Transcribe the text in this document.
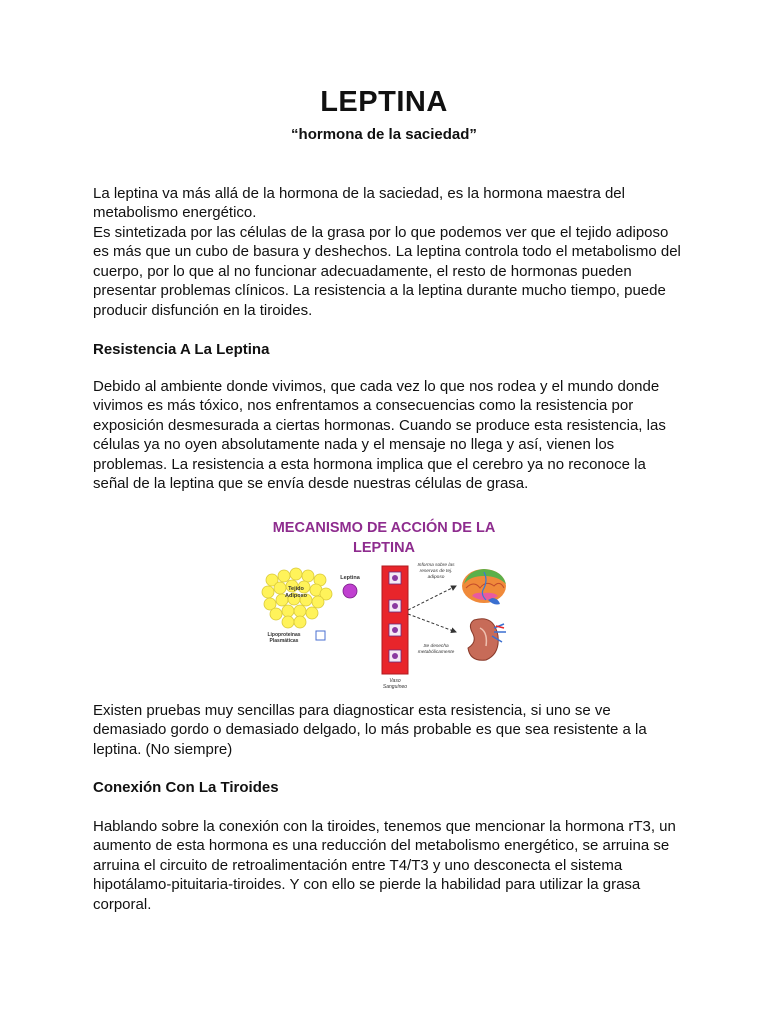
LEPTINA

“hormona de la saciedad”

La leptina va más allá de la hormona de la saciedad, es la hormona maestra del metabolismo energético.

Es sintetizada por las células de la grasa por lo que podemos ver que el tejido adiposo es más que un cubo de basura y deshechos. La leptina controla todo el metabolismo del cuerpo, por lo que al no funcionar adecuadamente, el resto de hormonas pueden presentar problemas clínicos. La resistencia a la leptina durante mucho tiempo, puede producir disfunción en la tiroides.

Resistencia A La Leptina

Debido al ambiente donde vivimos, que cada vez lo que nos rodea y el mundo donde vivimos es más tóxico, nos enfrentamos a consecuencias como la resistencia por exposición desmesurada a ciertas hormonas. Cuando se produce esta resistencia, las células ya no oyen absolutamente nada y el mensaje no llega y así, vienen los problemas. La resistencia a esta hormona implica que el cerebro ya no reconoce la señal de la leptina que se envía desde nuestras células de grasa.

MECANISMO DE ACCIÓN DE LA
LEPTINA
Tejido
Adiposo
Leptina
Lipoproteinas
Plasmáticas
Vaso
Sanguíneo
Informa sobre las
reservas de tej.
adiposo
Se desecha
metabólicamente

Existen pruebas muy sencillas para diagnosticar esta resistencia, si uno se ve demasiado gordo o demasiado delgado, lo más probable es que sea resistente a la leptina. (No siempre)

Conexión Con La Tiroides

Hablando sobre la conexión con la tiroides, tenemos que mencionar la hormona rT3, un aumento de esta hormona es una reducción del metabolismo energético, se arruina se arruina el circuito de retroalimentación entre T4/T3 y uno desconecta el sistema hipotálamo-pituitaria-tiroides. Y con ello se pierde la habilidad para utilizar la grasa corporal.
